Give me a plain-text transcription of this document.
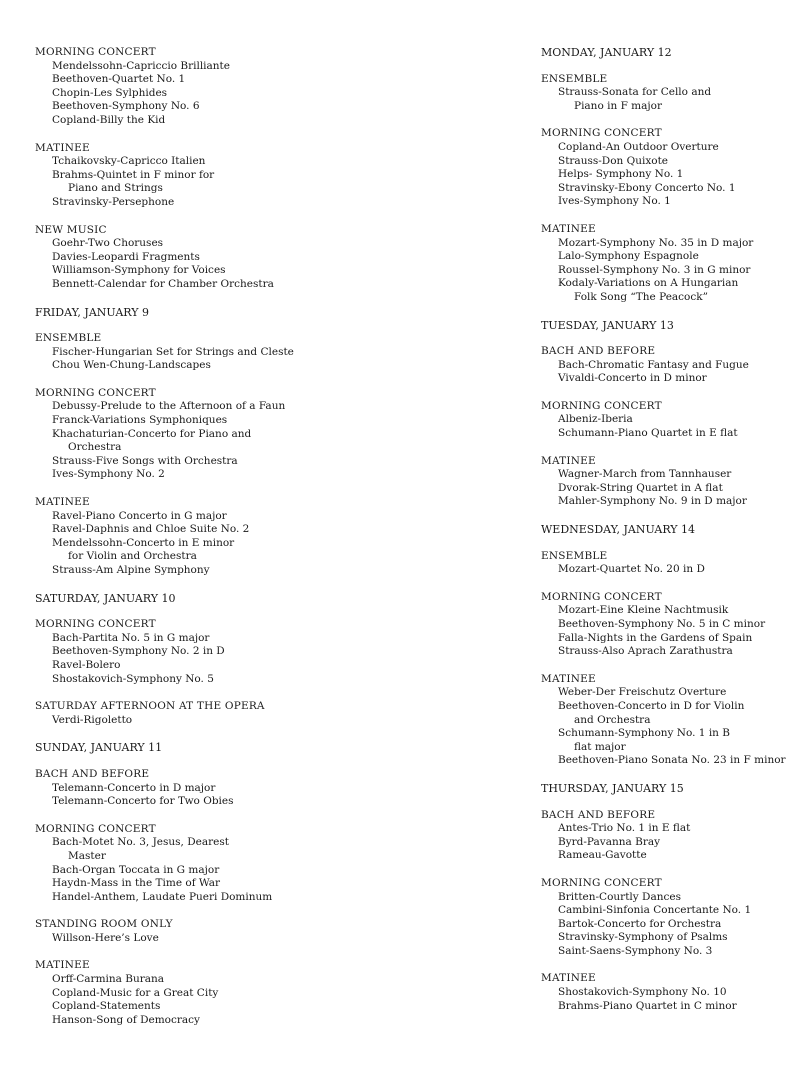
MORNING CONCERT
Mendelssohn-Capriccio Brilliante
Beethoven-Quartet No. 1
Chopin-Les Sylphides
Beethoven-Symphony No. 6
Copland-Billy the Kid
MATINEE
Tchaikovsky-Capricco Italien
Brahms-Quintet in F minor for
Piano and Strings
Stravinsky-Persephone
NEW MUSIC
Goehr-Two Choruses
Davies-Leopardi Fragments
Williamson-Symphony for Voices
Bennett-Calendar for Chamber Orchestra
FRIDAY, JANUARY 9
ENSEMBLE
Fischer-Hungarian Set for Strings and Cleste
Chou Wen-Chung-Landscapes
MORNING CONCERT
Debussy-Prelude to the Afternoon of a Faun
Franck-Variations Symphoniques
Khachaturian-Concerto for Piano and
Orchestra
Strauss-Five Songs with Orchestra
Ives-Symphony No. 2
MATINEE
Ravel-Piano Concerto in G major
Ravel-Daphnis and Chloe Suite No. 2
Mendelssohn-Concerto in E minor
for Violin and Orchestra
Strauss-Am Alpine Symphony
SATURDAY, JANUARY 10
MORNING CONCERT
Bach-Partita No. 5 in G major
Beethoven-Symphony No. 2 in D
Ravel-Bolero
Shostakovich-Symphony No. 5
SATURDAY AFTERNOON AT THE OPERA
Verdi-Rigoletto
SUNDAY, JANUARY 11
BACH AND BEFORE
Telemann-Concerto in D major
Telemann-Concerto for Two Obies
MORNING CONCERT
Bach-Motet No. 3, Jesus, Dearest
Master
Bach-Organ Toccata in G major
Haydn-Mass in the Time of War
Handel-Anthem, Laudate Pueri Dominum
STANDING ROOM ONLY
Willson-Here’s Love
MATINEE
Orff-Carmina Burana
Copland-Music for a Great City
Copland-Statements
Hanson-Song of Democracy
MONDAY, JANUARY 12
ENSEMBLE
Strauss-Sonata for Cello and
Piano in F major
MORNING CONCERT
Copland-An Outdoor Overture
Strauss-Don Quixote
Helps- Symphony No. 1
Stravinsky-Ebony Concerto No. 1
Ives-Symphony No. 1
MATINEE
Mozart-Symphony No. 35 in D major
Lalo-Symphony Espagnole
Roussel-Symphony No. 3 in G minor
Kodaly-Variations on A Hungarian
Folk Song “The Peacock”
TUESDAY, JANUARY 13
BACH AND BEFORE
Bach-Chromatic Fantasy and Fugue
Vivaldi-Concerto in D minor
MORNING CONCERT
Albeniz-Iberia
Schumann-Piano Quartet in E flat
MATINEE
Wagner-March from Tannhauser
Dvorak-String Quartet in A flat
Mahler-Symphony No. 9 in D major
WEDNESDAY, JANUARY 14
ENSEMBLE
Mozart-Quartet No. 20 in D
MORNING CONCERT
Mozart-Eine Kleine Nachtmusik
Beethoven-Symphony No. 5 in C minor
Falla-Nights in the Gardens of Spain
Strauss-Also Aprach Zarathustra
MATINEE
Weber-Der Freischutz Overture
Beethoven-Concerto in D for Violin
and Orchestra
Schumann-Symphony No. 1 in B
flat major
Beethoven-Piano Sonata No. 23 in F minor
THURSDAY, JANUARY 15
BACH AND BEFORE
Antes-Trio No. 1 in E flat
Byrd-Pavanna Bray
Rameau-Gavotte
MORNING CONCERT
Britten-Courtly Dances
Cambini-Sinfonia Concertante No. 1
Bartok-Concerto for Orchestra
Stravinsky-Symphony of Psalms
Saint-Saens-Symphony No. 3
MATINEE
Shostakovich-Symphony No. 10
Brahms-Piano Quartet in C minor
